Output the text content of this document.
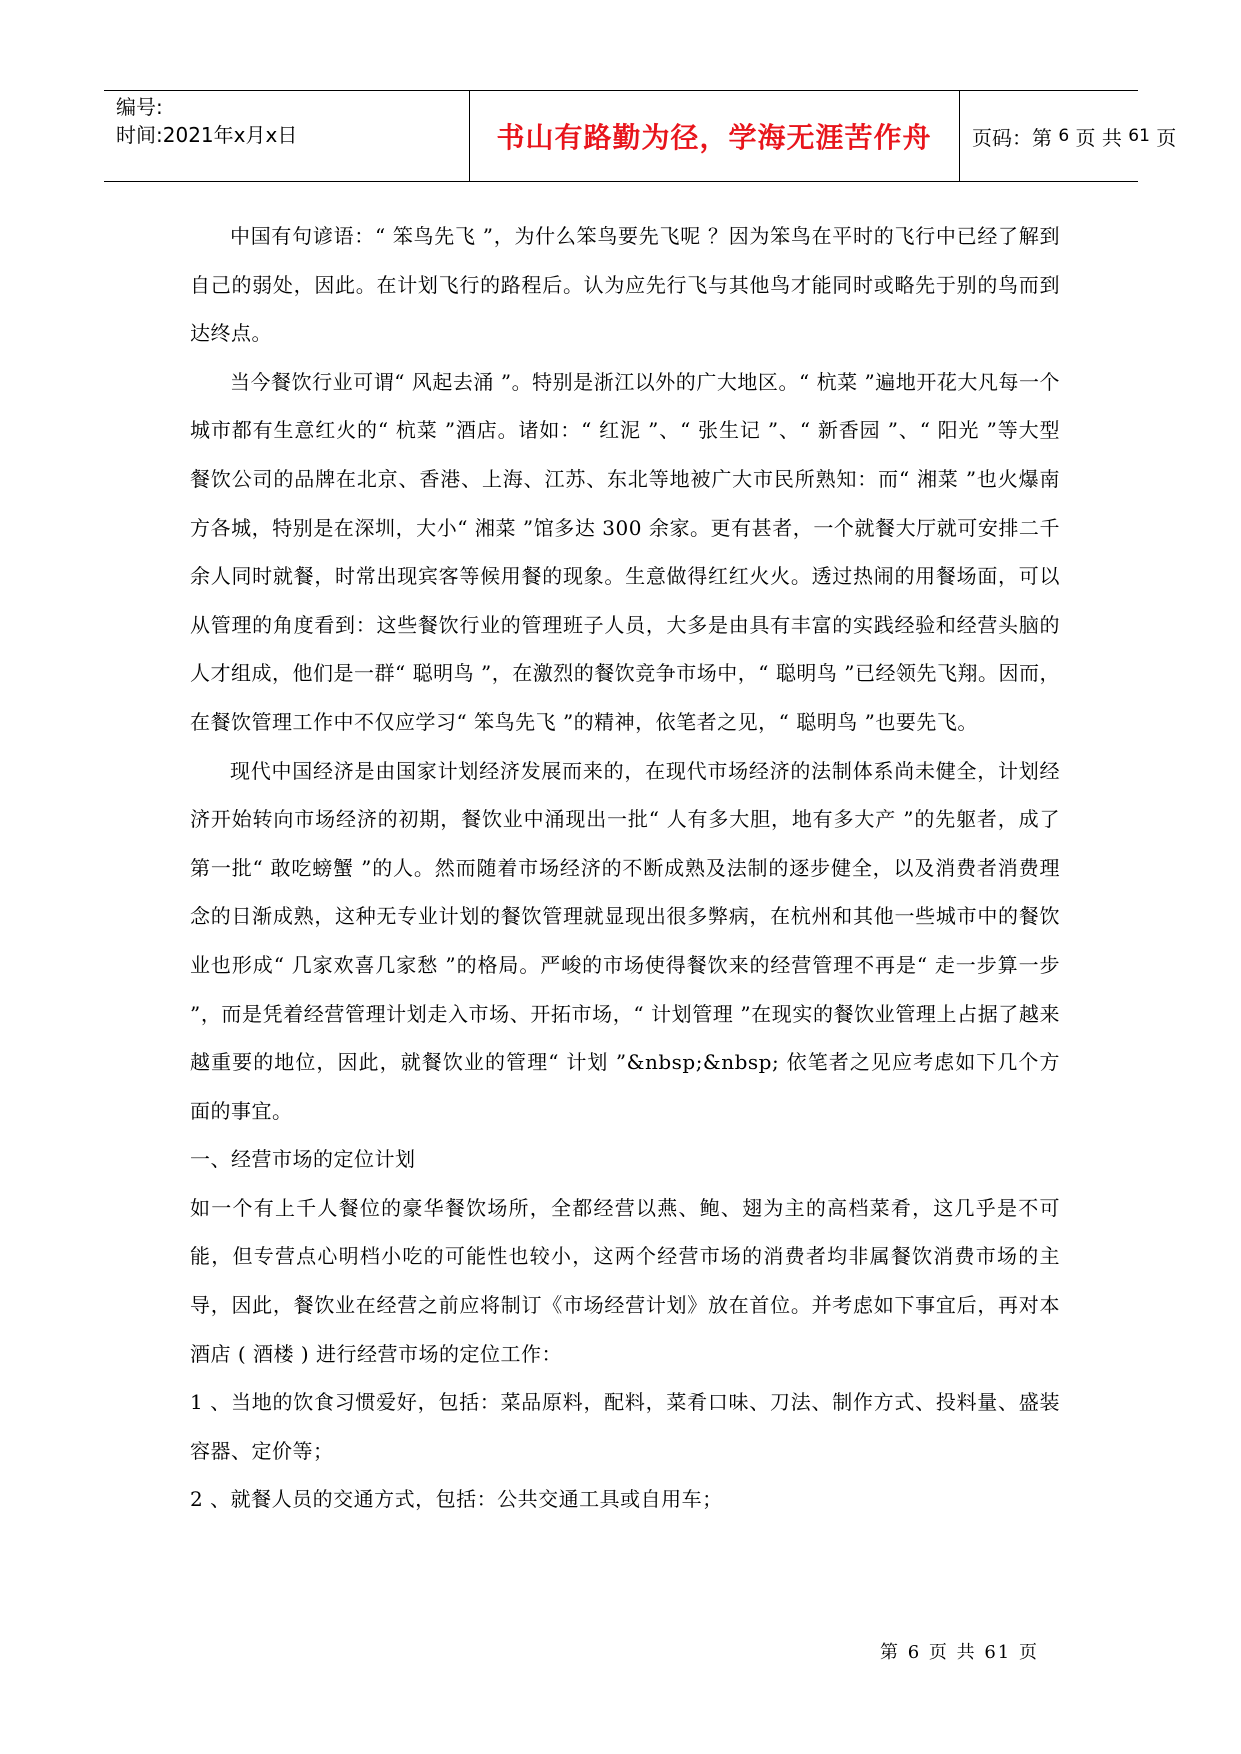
编号:
时间:2021年x月x日	书山有路勤为径，学海无涯苦作舟	页码：第
6
页 共
61
页

中国有句谚语：“ 笨鸟先飞 ”，为什么笨鸟要先飞呢 ？因为笨鸟在平时的飞行中已经了解到自己的弱处，因此。在计划飞行的路程后。认为应先行飞与其他鸟才能同时或略先于别的鸟而到达终点。

当今餐饮行业可谓“ 风起去涌 ”。特别是浙江以外的广大地区。“ 杭菜 ”遍地开花大凡每一个城市都有生意红火的“ 杭菜 ”酒店。诸如：“ 红泥 ”、“ 张生记 ”、“ 新香园 ”、“ 阳光 ”等大型餐饮公司的品牌在北京、香港、上海、江苏、东北等地被广大市民所熟知：而“ 湘菜 ”也火爆南方各城，特别是在深圳，大小“ 湘菜 ”馆多达 300 余家。更有甚者，一个就餐大厅就可安排二千余人同时就餐，时常出现宾客等候用餐的现象。生意做得红红火火。透过热闹的用餐场面，可以从管理的角度看到：这些餐饮行业的管理班子人员，大多是由具有丰富的实践经验和经营头脑的人才组成，他们是一群“ 聪明鸟 ”，在激烈的餐饮竞争市场中，“ 聪明鸟 ”已经领先飞翔。因而，在餐饮管理工作中不仅应学习“ 笨鸟先飞 ”的精神，依笔者之见，“ 聪明鸟 ”也要先飞。

现代中国经济是由国家计划经济发展而来的，在现代市场经济的法制体系尚未健全，计划经济开始转向市场经济的初期，餐饮业中涌现出一批“ 人有多大胆，地有多大产 ”的先躯者，成了第一批“ 敢吃螃蟹 ”的人。然而随着市场经济的不断成熟及法制的逐步健全，以及消费者消费理念的日渐成熟，这种无专业计划的餐饮管理就显现出很多弊病，在杭州和其他一些城市中的餐饮业也形成“ 几家欢喜几家愁 ”的格局。严峻的市场使得餐饮来的经营管理不再是“ 走一步算一步 ”，而是凭着经营管理计划走入市场、开拓市场，“ 计划管理 ”在现实的餐饮业管理上占据了越来越重要的地位，因此，就餐饮业的管理“ 计划 ”&nbsp;&nbsp; 依笔者之见应考虑如下几个方面的事宜。

一、经营市场的定位计划

如一个有上千人餐位的豪华餐饮场所，全都经营以燕、鲍、翅为主的高档菜肴，这几乎是不可能，但专营点心明档小吃的可能性也较小，这两个经营市场的消费者均非属餐饮消费市场的主导，因此，餐饮业在经营之前应将制订《市场经营计划》放在首位。并考虑如下事宜后，再对本酒店 ( 酒楼 ) 进行经营市场的定位工作：

1 、当地的饮食习惯爱好，包括：菜品原料，配料，菜肴口味、刀法、制作方式、投料量、盛装容器、定价等；

2 、就餐人员的交通方式，包括：公共交通工具或自用车；

第 6 页 共 61 页
